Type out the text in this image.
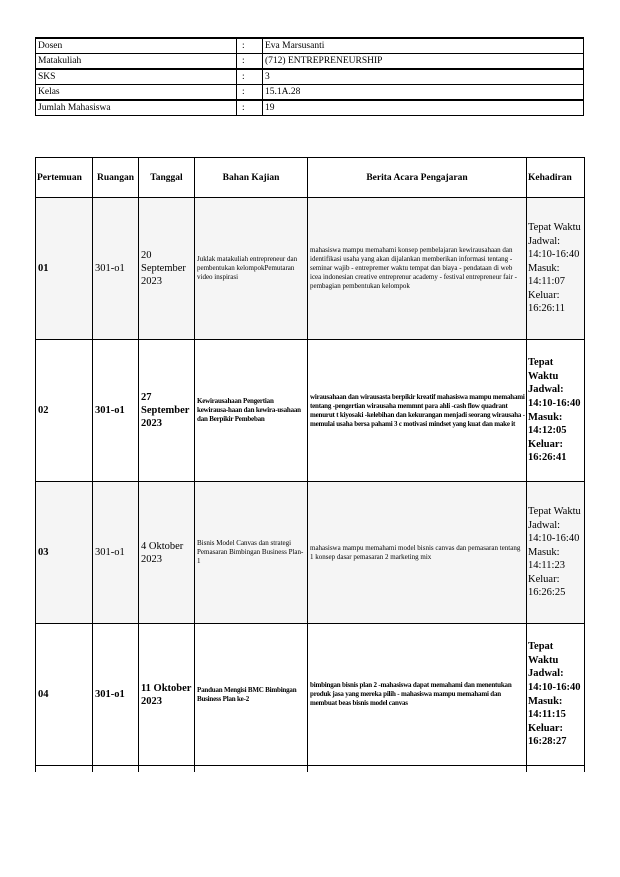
Dosen	:	Eva Marsusanti
Matakuliah	:	(712) ENTREPRENEURSHIP
SKS	:	3
Kelas	:	15.1A.28
Jumlah Mahasiswa	:	19
Pertemuan	Ruangan	Tanggal	Bahan Kajian	Berita Acara Pengajaran	Kehadiran
01	301-o1	20 September 2023	Juklak matakuliah entrepreneur dan pembentukan kelompokPemutaran video inspirasi	mahasiswa mampu memahami konsep pembelajaran kewirausahaan dan identifikasi usaha yang akan dijalankan memberikan informasi tentang - seminar wajib - entrepremer waktu tempat dan biaya - pendataan di web icea indonesian creative entreprenur academy - festival entrepreneur fair - pembagian pembentukan kelompok	Tepat Waktu Jadwal: 14:10-16:40 Masuk: 14:11:07 Keluar: 16:26:11
02	301-o1	27 September 2023	Kewirausahaan Pengertian kewirausa-haan dan kewira-usahaan dan Berpikir Pembeban	wirausahaan dan wirausasta berpikir kreatif mahasiswa mampu memahami tentang -pengertian wirausaha memmnt para ahli -cash flow quadrant menurut t kiyosaki -kelebihan dan kekurangan menjadi seorang wirausaha -memulai usaha bersa pahami 3 c motivasi mindset yang kuat dan make it	Tepat Waktu Jadwal: 14:10-16:40 Masuk: 14:12:05 Keluar: 16:26:41
03	301-o1	4 Oktober 2023	Bisnis Model Canvas dan strategi Pemasaran Bimbingan Business Plan-1	mahasiswa mampu memahami model bisnis canvas dan pemasaran tentang 1 konsep dasar pemasaran 2 marketing mix	Tepat Waktu Jadwal: 14:10-16:40 Masuk: 14:11:23 Keluar: 16:26:25
04	301-o1	11 Oktober 2023	Panduan Mengisi BMC Bimbingan Business Plan ke-2	bimbingan bisnis plan 2 -mahasiswa dapat memahami dan menentukan produk jasa yang mereka pilih - mahasiswa mampu memahami dan membuat beas bisnis model canvas	Tepat Waktu Jadwal: 14:10-16:40 Masuk: 14:11:15 Keluar: 16:28:27
